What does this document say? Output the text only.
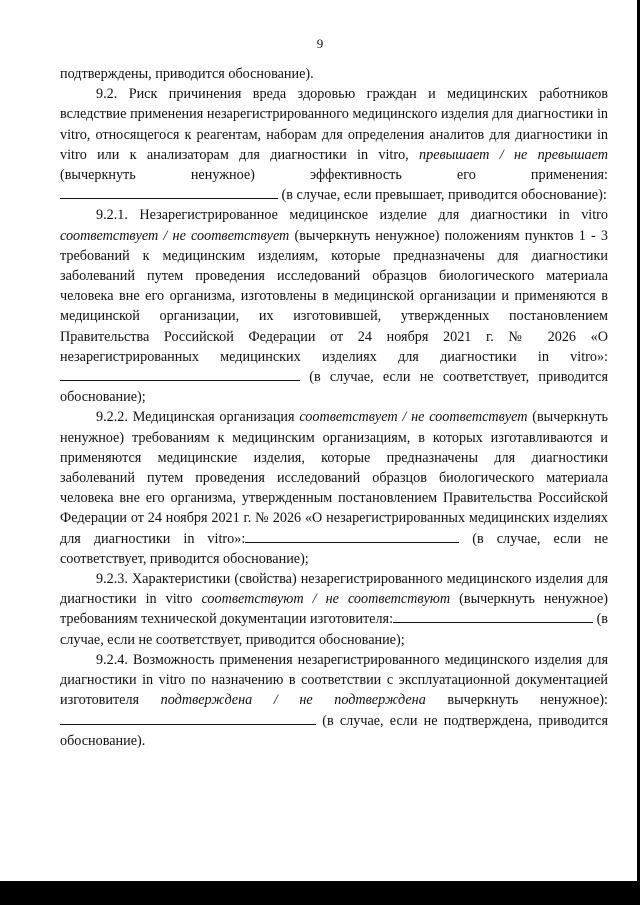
9

подтверждены, приводится обоснование).

9.2. Риск причинения вреда здоровью граждан и медицинских работников вследствие применения незарегистрированного медицинского изделия для диагностики in vitro, относящегося к реагентам, наборам для определения аналитов для диагностики in vitro или к анализаторам для диагностики in vitro, превышает / не превышает (вычеркнуть ненужное) эффективность его применения: (в случае, если превышает, приводится обоснование):

9.2.1. Незарегистрированное медицинское изделие для диагностики in vitro соответствует / не соответствует (вычеркнуть ненужное) положениям пунктов 1 - 3 требований к медицинским изделиям, которые предназначены для диагностики заболеваний путем проведения исследований образцов биологического материала человека вне его организма, изготовлены в медицинской организации и применяются в медицинской организации, их изготовившей, утвержденных постановлением Правительства Российской Федерации от 24 ноября 2021 г. № 2026 «О незарегистрированных медицинских изделиях для диагностики in vitro»: (в случае, если не соответствует, приводится обоснование);

9.2.2. Медицинская организация соответствует / не соответствует (вычеркнуть ненужное) требованиям к медицинским организациям, в которых изготавливаются и применяются медицинские изделия, которые предназначены для диагностики заболеваний путем проведения исследований образцов биологического материала человека вне его организма, утвержденным постановлением Правительства Российской Федерации от 24 ноября 2021 г. № 2026 «О незарегистрированных медицинских изделиях для диагностики in vitro»:	(в случае, если не соответствует, приводится обоснование);

9.2.3. Характеристики (свойства) незарегистрированного медицинского изделия для диагностики in vitro соответствуют / не соответствуют (вычеркнуть ненужное) требованиям технической документации изготовителя:	(в случае, если не соответствует, приводится обоснование);

9.2.4. Возможность применения незарегистрированного медицинского изделия для диагностики in vitro по назначению в соответствии с эксплуатационной документацией изготовителя подтверждена / не подтверждена вычеркнуть ненужное): (в случае, если не подтверждена, приводится обоснование).
